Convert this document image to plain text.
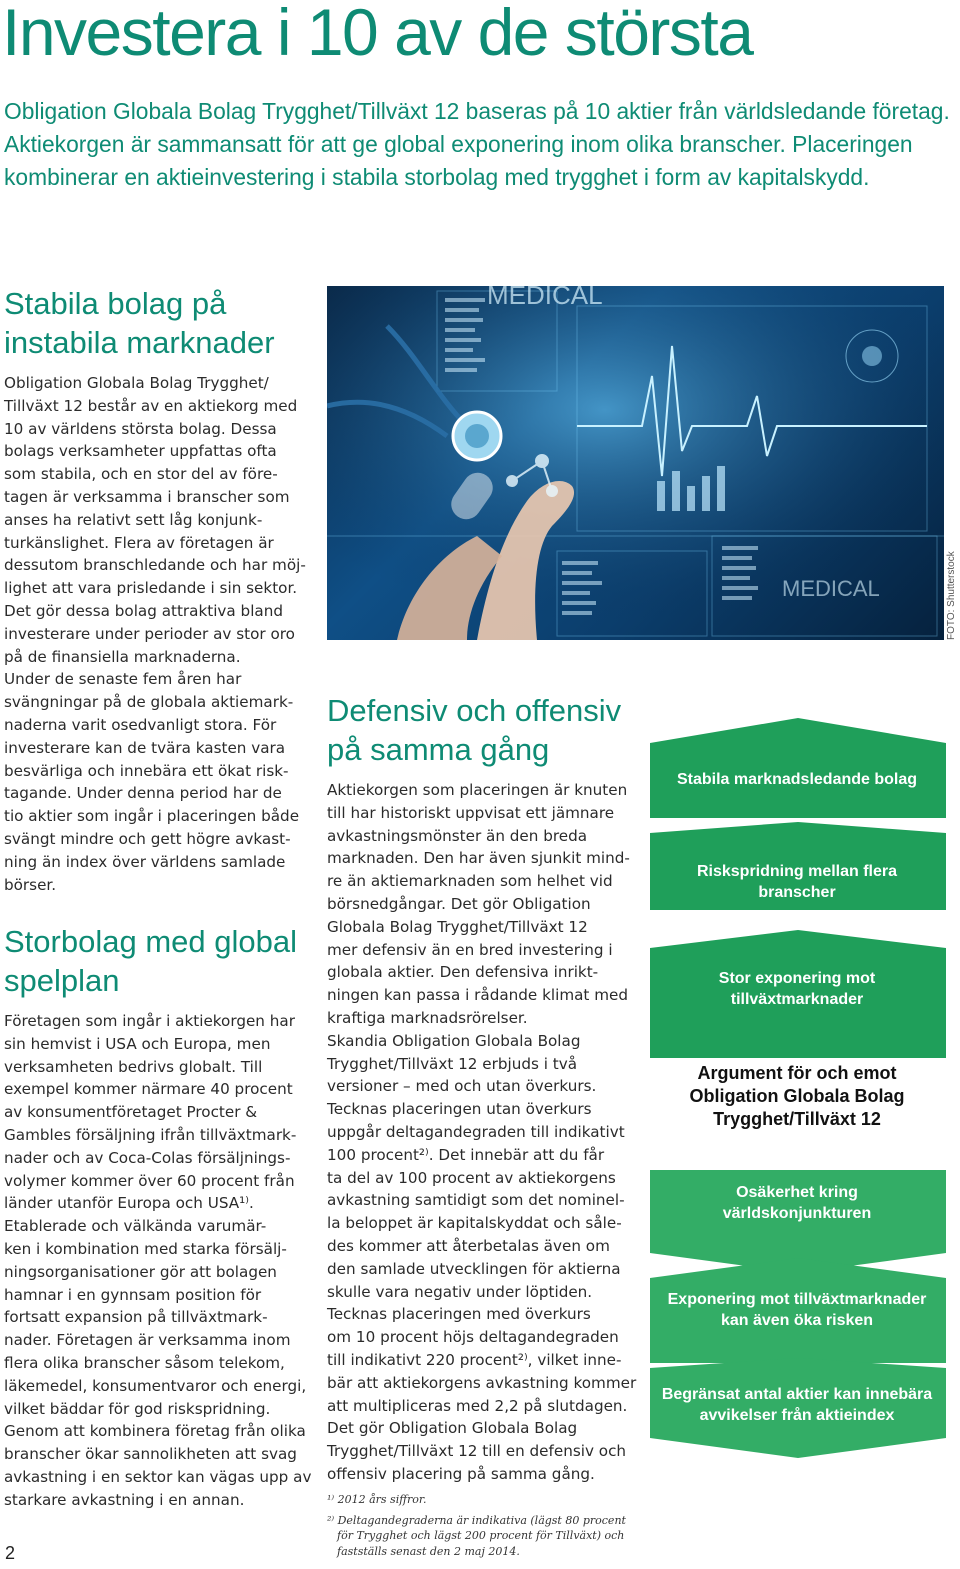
Investera i 10 av de största

Obligation Globala Bolag Trygghet/Tillväxt 12 baseras på 10 aktier från världsledande företag.
Aktiekorgen är sammansatt för att ge global exponering inom olika branscher. Placeringen
kombinerar en aktieinvestering i stabila storbolag med trygghet i form av kapitalskydd.

Stabila bolag på
instabila marknader
Obligation Globala Bolag Trygghet/
Tillväxt 12 består av en aktiekorg med
10 av världens största bolag. Dessa
bolags verksamheter uppfattas ofta
som stabila, och en stor del av före-
tagen är verksamma i branscher som
anses ha relativt sett låg konjunk-
turkänslighet. Flera av företagen är
dessutom branschledande och har möj-
lighet att vara prisledande i sin sektor.
Det gör dessa bolag attraktiva bland
investerare under perioder av stor oro
på de finansiella marknaderna.
Under de senaste fem åren har
svängningar på de globala aktiemark-
naderna varit osedvanligt stora. För
investerare kan de tvära kasten vara
besvärliga och innebära ett ökat risk-
tagande. Under denna period har de
tio aktier som ingår i placeringen både
svängt mindre och gett högre avkast-
ning än index över världens samlade
börser.
Storbolag med global
spelplan
Företagen som ingår i aktiekorgen har
sin hemvist i USA och Europa, men
verksamheten bedrivs globalt. Till
exempel kommer närmare 40 procent
av konsumentföretaget Procter &
Gambles försäljning ifrån tillväxtmark-
nader och av Coca-Colas försäljnings-
volymer kommer över 60 procent från
länder utanför Europa och USA¹⁾.
Etablerade och välkända varumär-
ken i kombination med starka försälj-
ningsorganisationer gör att bolagen
hamnar i en gynnsam position för
fortsatt expansion på tillväxtmark-
nader. Företagen är verksamma inom
flera olika branscher såsom telekom,
läkemedel, konsumentvaror och energi,
vilket bäddar för god riskspridning.
Genom att kombinera företag från olika
branscher ökar sannolikheten att svag
avkastning i en sektor kan vägas upp av
starkare avkastning i en annan.
MEDICAL
MEDICAL	FOTO: Shutterstock
Defensiv och offensiv
på samma gång
Aktiekorgen som placeringen är knuten
till har historiskt uppvisat ett jämnare
avkastningsmönster än den breda
marknaden. Den har även sjunkit mind-
re än aktiemarknaden som helhet vid
börsnedgångar. Det gör Obligation
Globala Bolag Trygghet/Tillväxt 12
mer defensiv än en bred investering i
globala aktier. Den defensiva inrikt-
ningen kan passa i rådande klimat med
kraftiga marknadsrörelser.
Skandia Obligation Globala Bolag
Trygghet/Tillväxt 12 erbjuds i två
versioner – med och utan överkurs.
Tecknas placeringen utan överkurs
uppgår deltagandegraden till indikativt
100 procent²⁾. Det innebär att du får
ta del av 100 procent av aktiekorgens
avkastning samtidigt som det nominel-
la beloppet är kapitalskyddat och såle-
des kommer att återbetalas även om
den samlade utvecklingen för aktierna
skulle vara negativ under löptiden.
Tecknas placeringen med överkurs
om 10 procent höjs deltagandegraden
till indikativt 220 procent²⁾, vilket inne-
bär att aktiekorgens avkastning kommer
att multipliceras med 2,2 på slutdagen.
Det gör Obligation Globala Bolag
Trygghet/Tillväxt 12 till en defensiv och
offensiv placering på samma gång.
Stabila marknadsledande bolag
Riskspridning mellan flera
branscher
Stor exponering mot
tillväxtmarknader
Argument för och emot
Obligation Globala Bolag
Trygghet/Tillväxt 12
Osäkerhet kring
världskonjunkturen
Exponering mot tillväxtmarknader
kan även öka risken
Begränsat antal aktier kan innebära
avvikelser från aktieindex

¹⁾ 2012 års siffror.

²⁾ Deltagandegraderna är indikativa (lägst 80 procent
för Trygghet och lägst 200 procent för Tillväxt) och
fastställs senast den 2 maj 2014.

2
